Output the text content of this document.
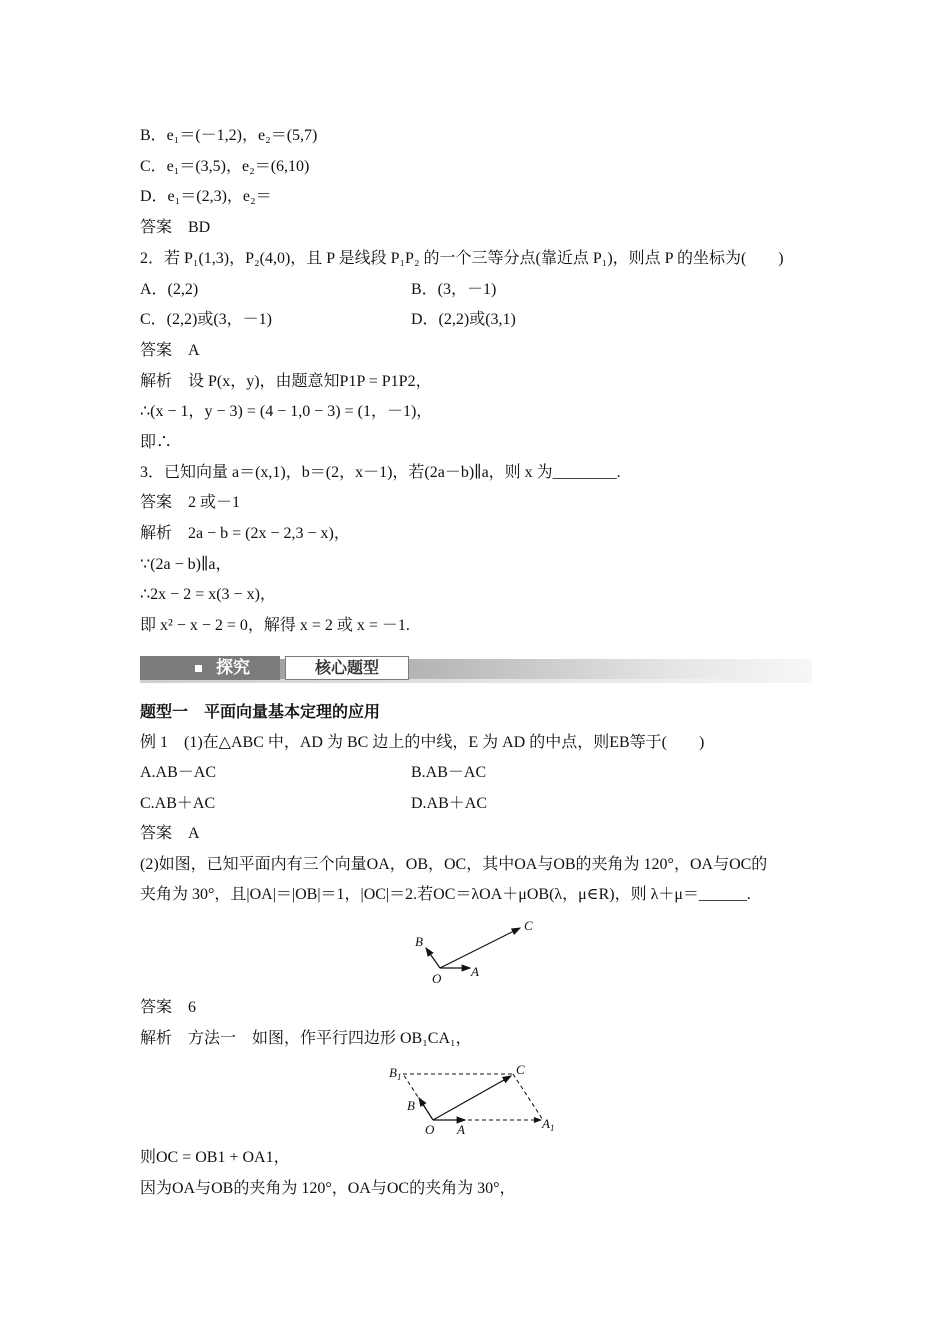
B．e₁＝(－1,2)，e₂＝(5,7)
C．e₁＝(3,5)，e₂＝(6,10)
D．e₁＝(2,3)，e₂＝
答案　BD
2．若 P₁(1,3)，P₂(4,0)，且 P 是线段 P₁P₂ 的一个三等分点(靠近点 P₁)，则点 P 的坐标为(　　)
A．(2,2)	B．(3，－1)
C．(2,2)或(3，－1)	D．(2,2)或(3,1)
答案　A
解析　设 P(x，y)，由题意知P1P = P1P2，
∴(x − 1，y − 3) = (4 − 1,0 − 3) = (1，－1)，
即∴
3．已知向量 a＝(x,1)，b＝(2，x－1)，若(2a－b)∥a，则 x 为________.
答案　2 或－1
解析　2a − b = (2x − 2,3 − x)，
∵(2a − b)∥a，
∴2x − 2 = x(3 − x)，
即 x² − x − 2 = 0，解得 x = 2 或 x = －1.
探究	核心题型
题型一　平面向量基本定理的应用
例 1　(1)在△ABC 中，AD 为 BC 边上的中线，E 为 AD 的中点，则EB等于(　　)
A.AB－AC	B.AB－AC
C.AB＋AC	D.AB＋AC
答案　A
(2)如图，已知平面内有三个向量OA，OB，OC，其中OA与OB的夹角为 120°，OA与OC的
夹角为 30°，且|OA|＝|OB|＝1，|OC|＝2.若OC＝λOA＋μOB(λ，μ∈R)，则 λ＋μ＝______.
O A
B
C
答案　6
解析　方法一　如图，作平行四边形 OB₁CA₁，
$B_1$	C
B
O A	$A_1$
则OC = OB1 + OA1，
因为OA与OB的夹角为 120°，OA与OC的夹角为 30°，
